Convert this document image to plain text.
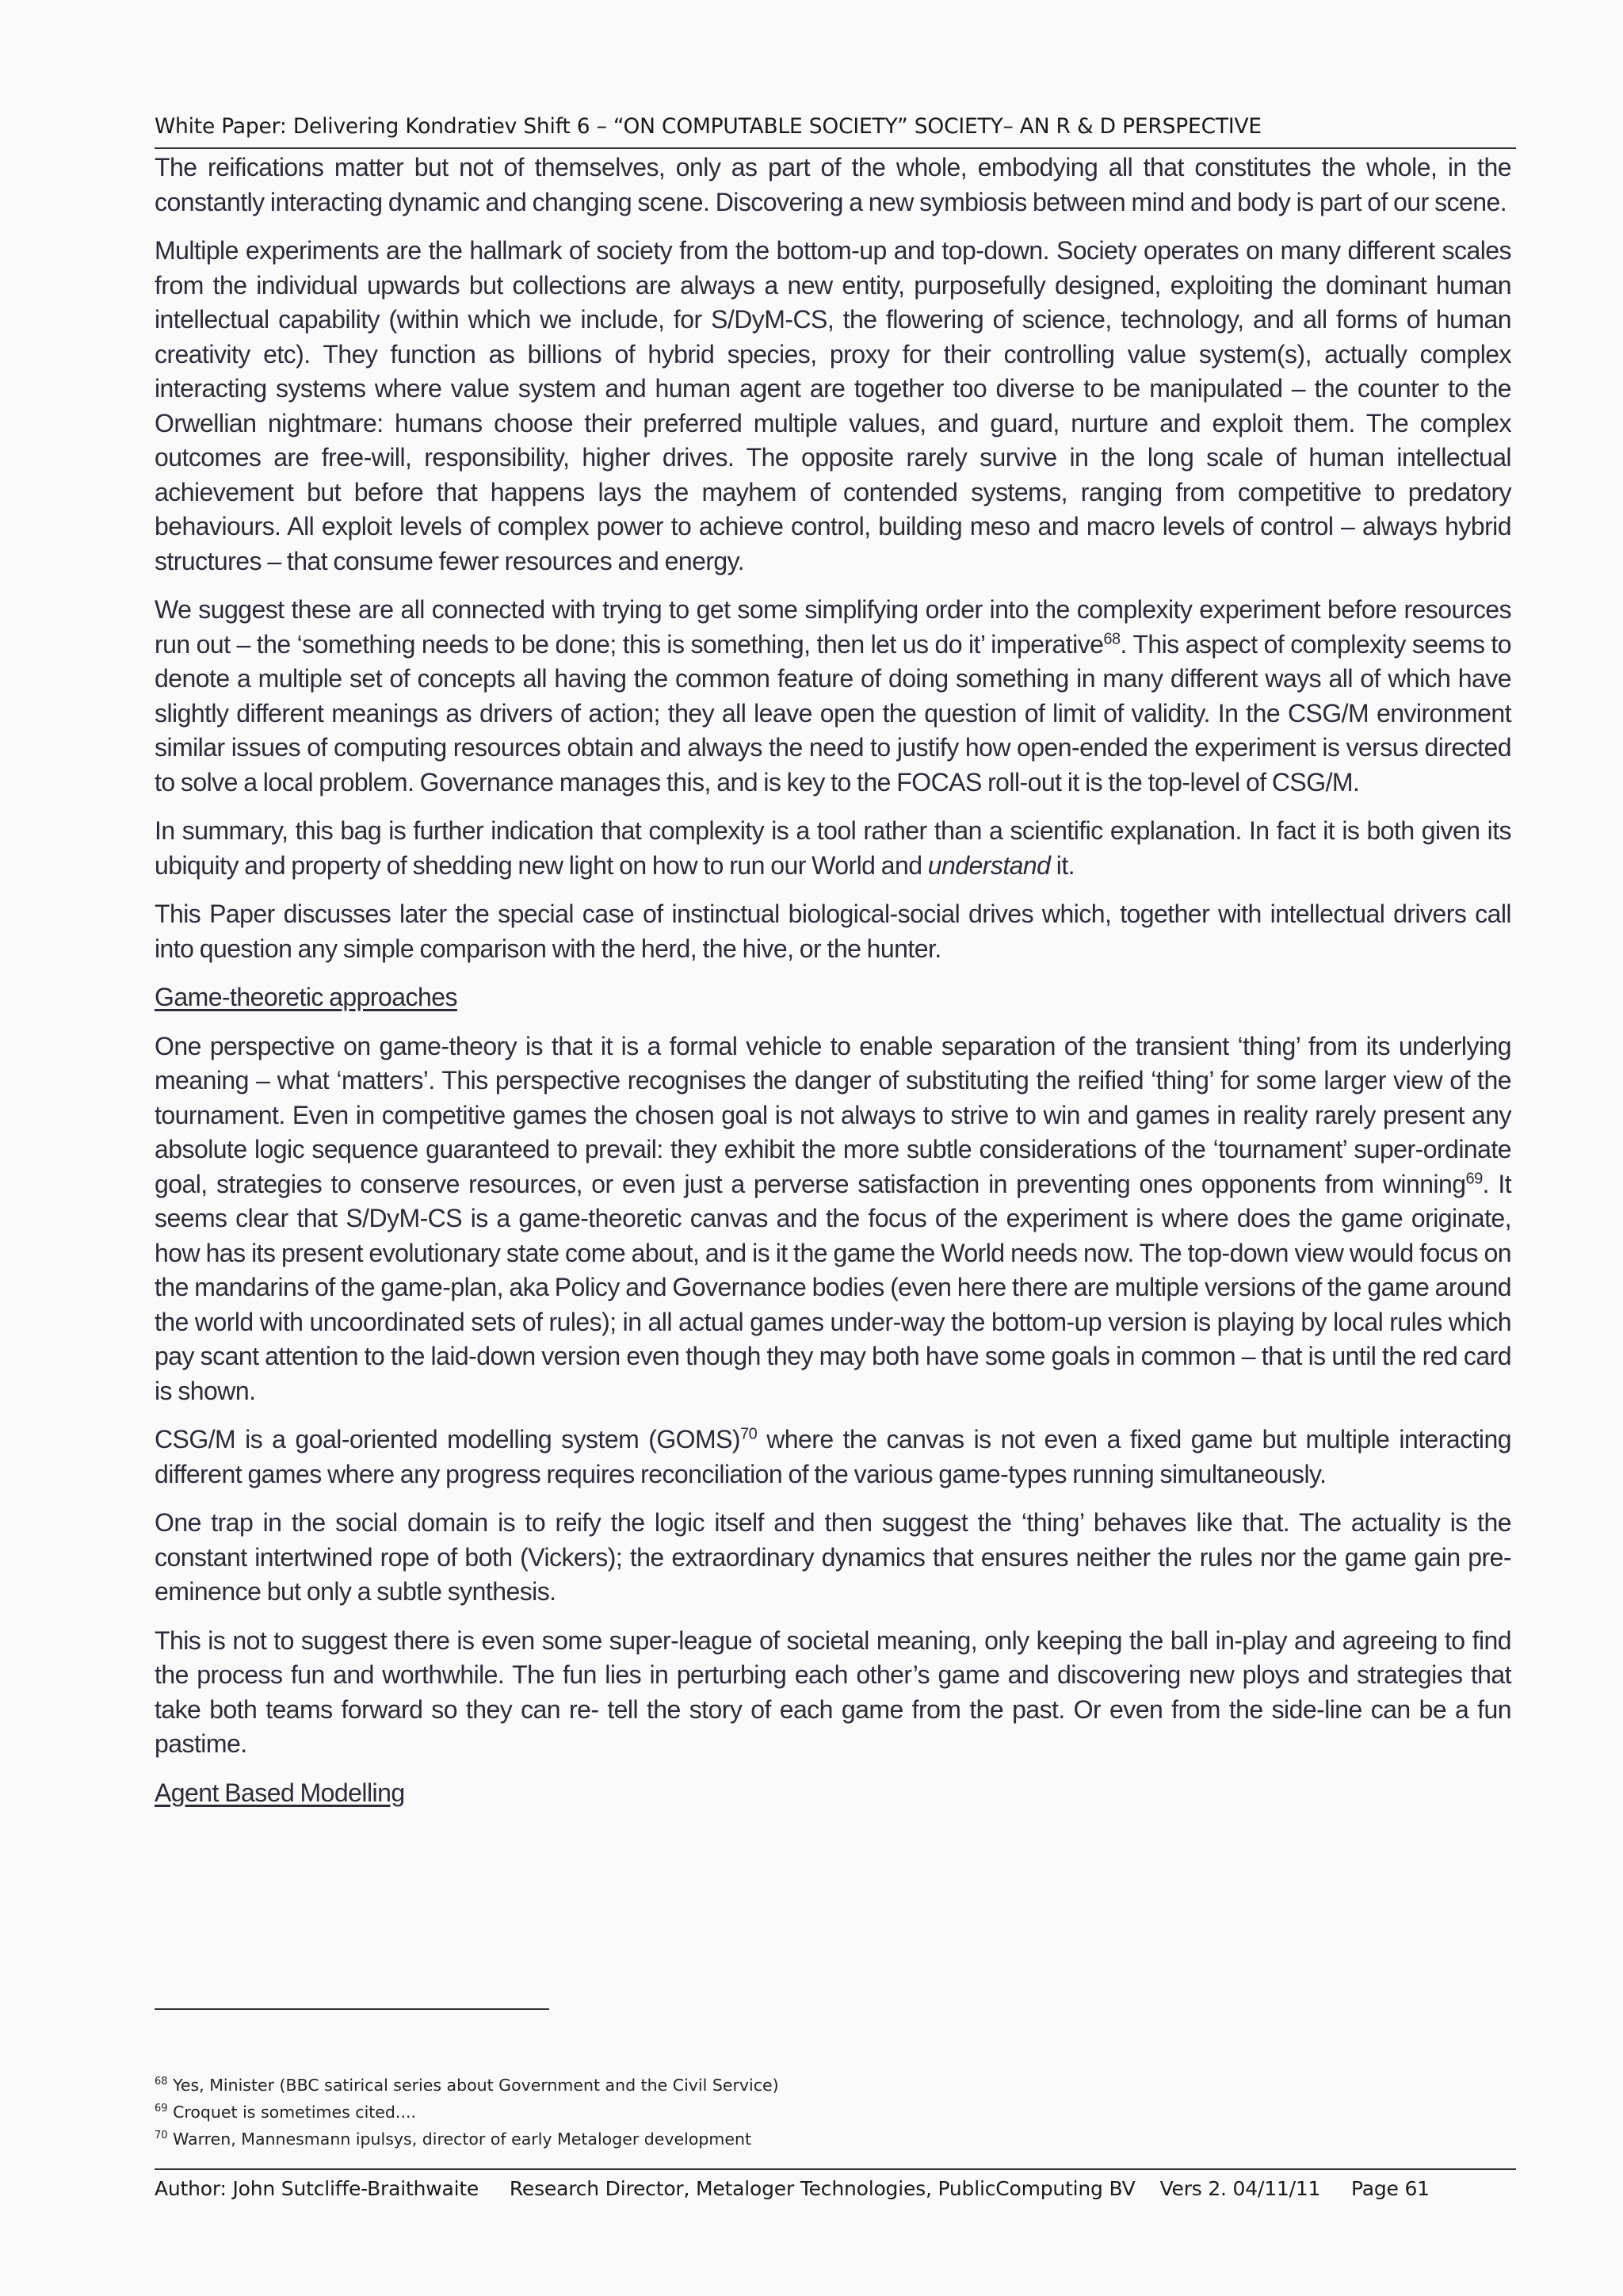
White Paper: Delivering Kondratiev Shift 6 – “ON COMPUTABLE SOCIETY” SOCIETY– AN R & D PERSPECTIVE

The reifications matter but not of themselves, only as part of the whole, embodying all that constitutes the whole, in the constantly interacting dynamic and changing scene. Discovering a new symbiosis between mind and body is part of our scene.

Multiple experiments are the hallmark of society from the bottom-up and top-down. Society operates on many different scales from the individual upwards but collections are always a new entity, purposefully designed, exploiting the dominant human intellectual capability (within which we include, for S/DyM-CS, the flowering of science, technology, and all forms of human creativity etc). They function as billions of hybrid species, proxy for their controlling value system(s), actually complex interacting systems where value system and human agent are together too diverse to be manipulated – the counter to the Orwellian nightmare: humans choose their preferred multiple values, and guard, nurture and exploit them. The complex outcomes are free-will, responsibility, higher drives. The opposite rarely survive in the long scale of human intellectual achievement but before that happens lays the mayhem of contended systems, ranging from competitive to predatory behaviours. All exploit levels of complex power to achieve control, building meso and macro levels of control – always hybrid structures – that consume fewer resources and energy.

We suggest these are all connected with trying to get some simplifying order into the complexity experiment before resources run out – the ‘something needs to be done; this is something, then let us do it’ imperative$^{68}$. This aspect of complexity seems to denote a multiple set of concepts all having the common feature of doing something in many different ways all of which have slightly different meanings as drivers of action; they all leave open the question of limit of validity. In the CSG/M environment similar issues of computing resources obtain and always the need to justify how open-ended the experiment is versus directed to solve a local problem. Governance manages this, and is key to the FOCAS roll-out it is the top-level of CSG/M.

In summary, this bag is further indication that complexity is a tool rather than a scientific explanation. In fact it is both given its ubiquity and property of shedding new light on how to run our World and understand it.

This Paper discusses later the special case of instinctual biological-social drives which, together with intellectual drivers call into question any simple comparison with the herd, the hive, or the hunter.

Game-theoretic approaches

One perspective on game-theory is that it is a formal vehicle to enable separation of the transient ‘thing’ from its underlying meaning – what ‘matters’. This perspective recognises the danger of substituting the reified ‘thing’ for some larger view of the tournament. Even in competitive games the chosen goal is not always to strive to win and games in reality rarely present any absolute logic sequence guaranteed to prevail: they exhibit the more subtle considerations of the ‘tournament’ super-ordinate goal, strategies to conserve resources, or even just a perverse satisfaction in preventing ones opponents from winning$^{69}$. It seems clear that S/DyM-CS is a game-theoretic canvas and the focus of the experiment is where does the game originate, how has its present evolutionary state come about, and is it the game the World needs now. The top-down view would focus on the mandarins of the game-plan, aka Policy and Governance bodies (even here there are multiple versions of the game around the world with uncoordinated sets of rules); in all actual games under-way the bottom-up version is playing by local rules which pay scant attention to the laid-down version even though they may both have some goals in common – that is until the red card is shown.

CSG/M is a goal-oriented modelling system (GOMS)$^{70}$ where the canvas is not even a fixed game but multiple interacting different games where any progress requires reconciliation of the various game-types running simultaneously.

One trap in the social domain is to reify the logic itself and then suggest the ‘thing’ behaves like that. The actuality is the constant intertwined rope of both (Vickers); the extraordinary dynamics that ensures neither the rules nor the game gain pre-eminence but only a subtle synthesis.

This is not to suggest there is even some super-league of societal meaning, only keeping the ball in-play and agreeing to find the process fun and worthwhile. The fun lies in perturbing each other’s game and discovering new ploys and strategies that take both teams forward so they can re- tell the story of each game from the past. Or even from the side-line can be a fun pastime.

Agent Based Modelling
$^{68}$ Yes, Minister (BBC satirical series about Government and the Civil Service)
$^{69}$ Croquet is sometimes cited....
$^{70}$ Warren, Mannesmann ipulsys, director of early Metaloger development
Author: John Sutcliffe-Braithwaite Research Director, Metaloger Technologies, PublicComputing BV Vers 2. 04/11/11 Page 61
